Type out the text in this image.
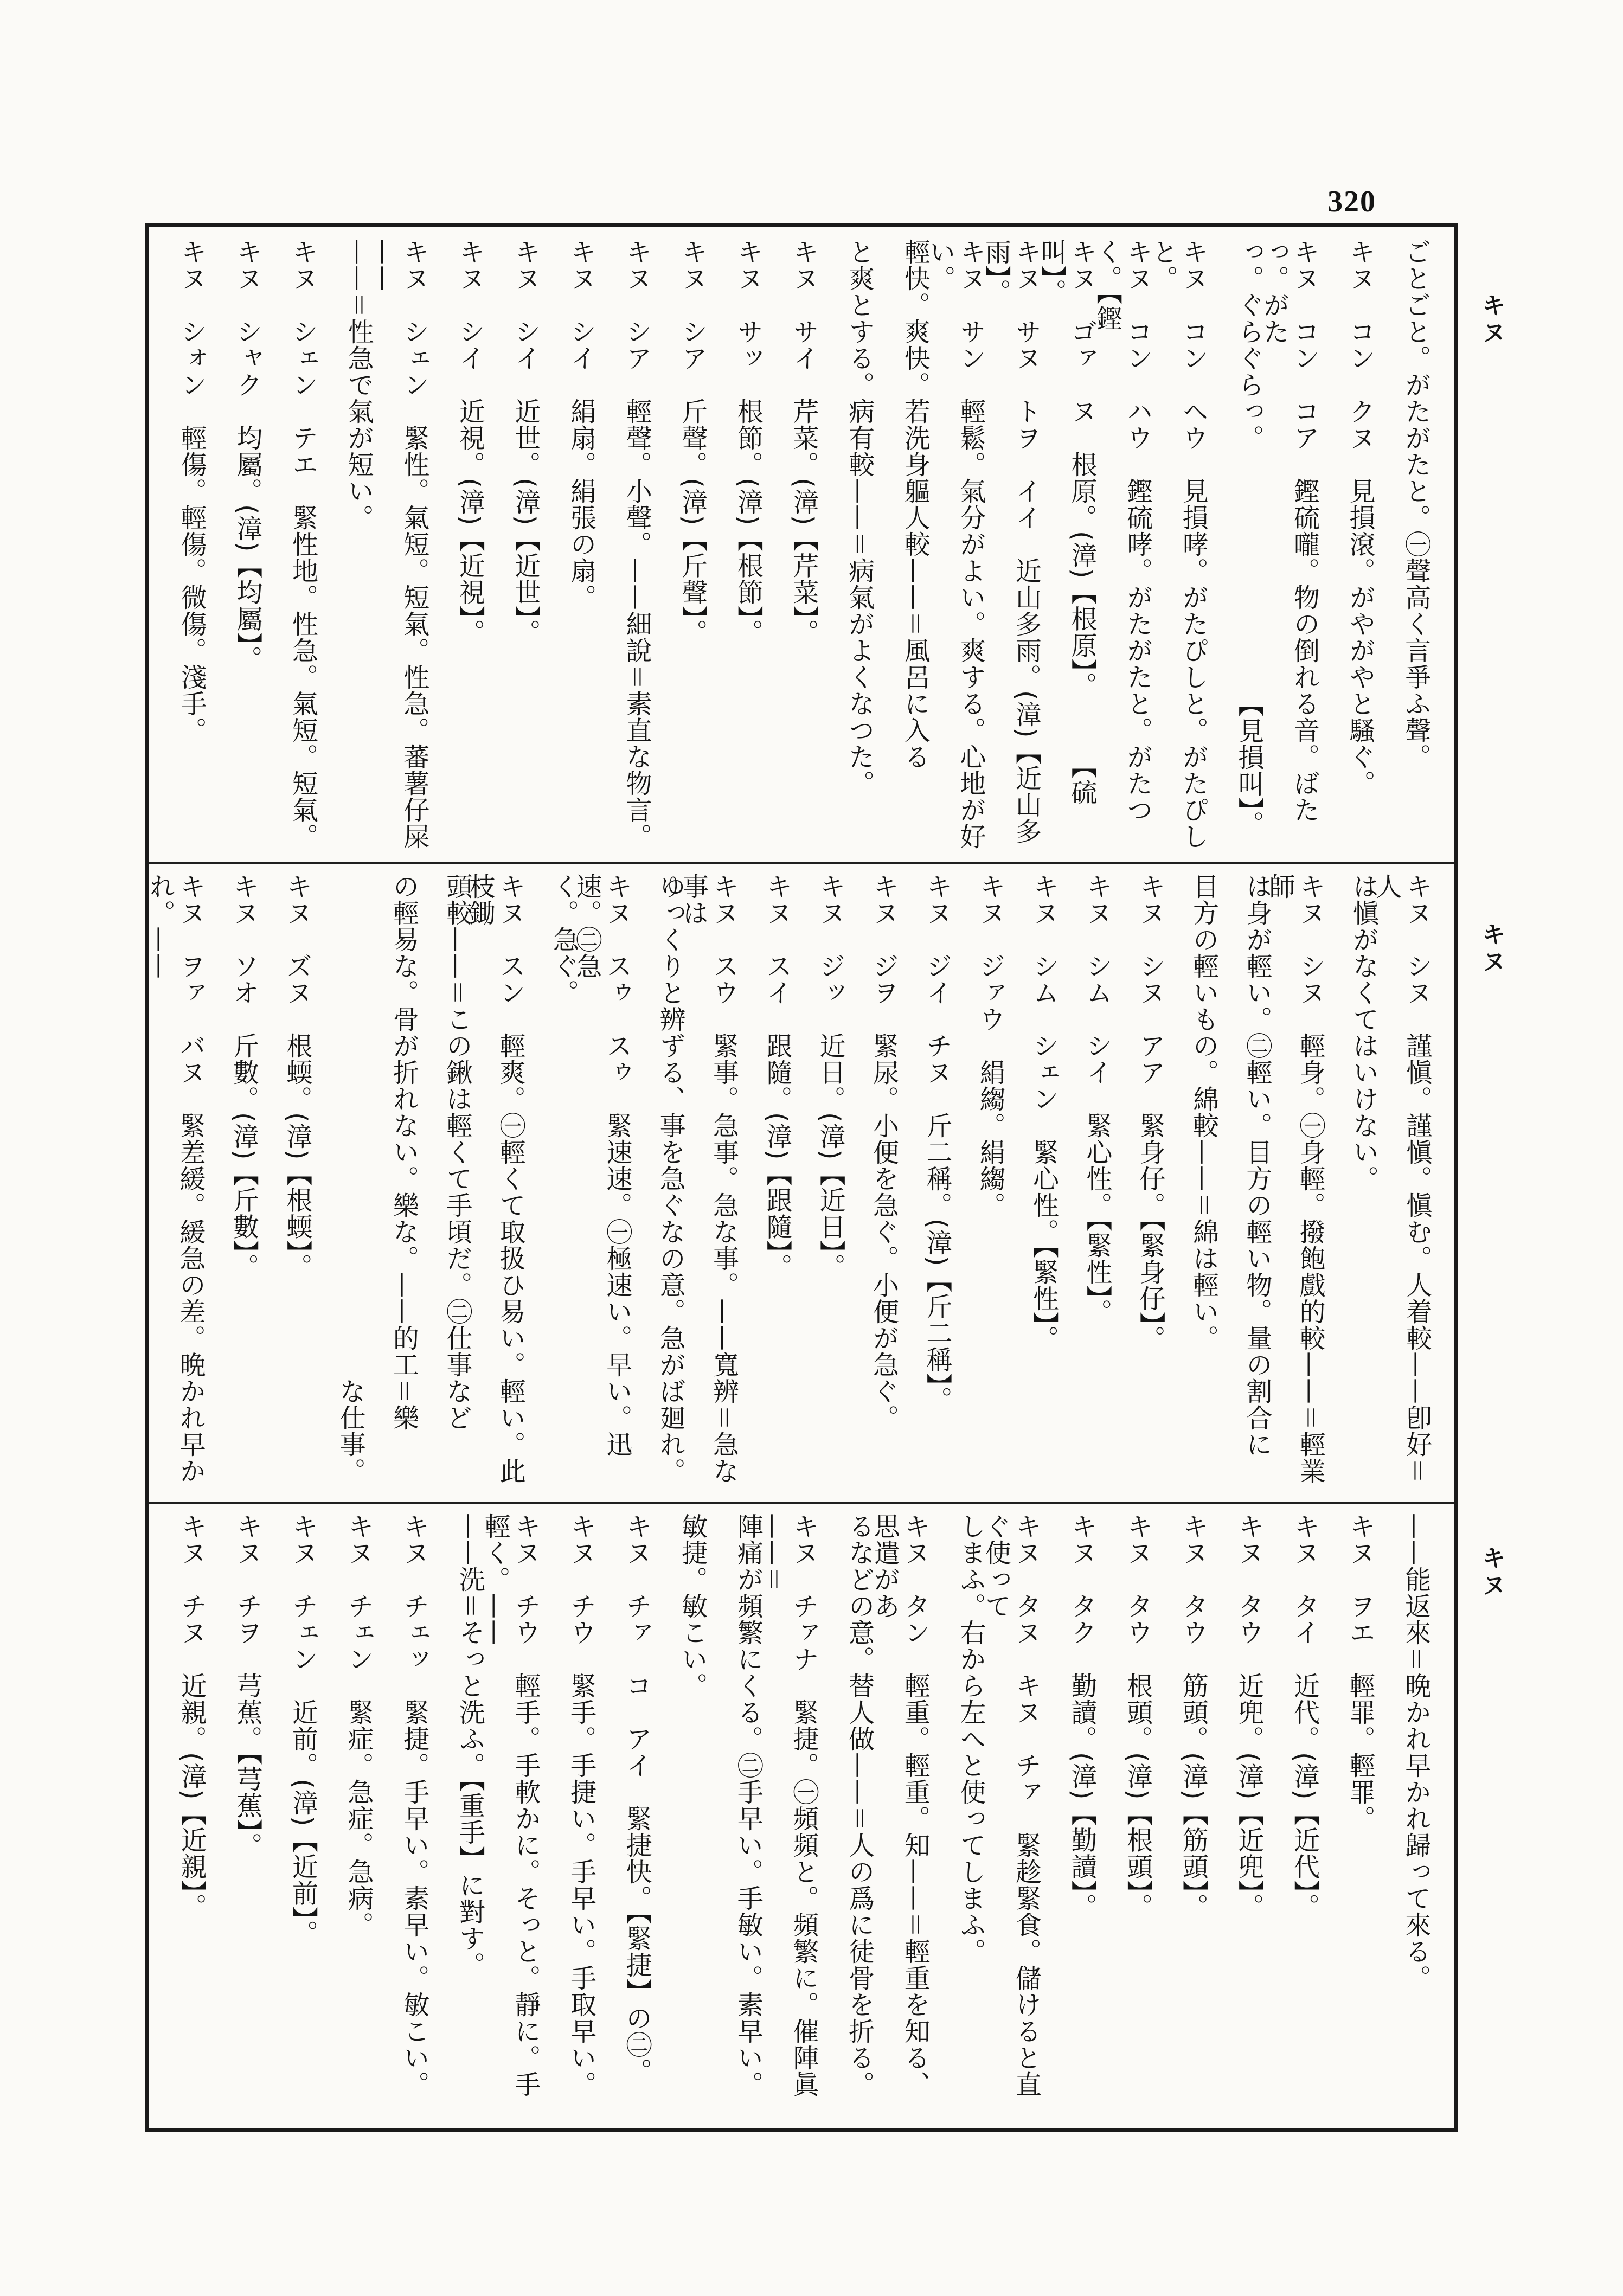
320
キヌ
キヌ
キヌ
ごとごと。がたがたと。㊀聲高く言爭ふ聲。
キヌ　コン　クヌ　見損滾。がやがやと騷ぐ。
キヌ　コン　コア　鏗硫嚨。物の倒れる音。ばたっ。がた
っ。ぐらぐらっ。　　　　　　　　　　【見損叫】。
キヌ　コン　ヘウ　見損哮。がたぴしと。がたぴしと。
キヌ　コン　ハウ　鏗硫哮。がたがたと。がたつく。【鏗
キヌ　ゴァ　ヌ　根原。(漳)【根原】。　　　【硫叫】。
キヌ　サヌ　トヲ　イイ　近山多雨。(漳)【近山多雨】。
キヌ　サン　輕鬆。氣分がよい。爽する。心地が好い。
輕快。爽快。若洗身軀人較——＝風呂に入る
と爽とする。病有較——＝病氣がよくなつた。
キヌ　サイ　芹菜。(漳)【芹菜】。
キヌ　サッ　根節。(漳)【根節】。
キヌ　シア　斤聲。(漳)【斤聲】。
キヌ　シア　輕聲。小聲。——細說＝素直な物言。
キヌ　シイ　絹扇。絹張の扇。
キヌ　シイ　近世。(漳)【近世】。
キヌ　シイ　近視。(漳)【近視】。
キヌ　シェン　緊性。氣短。短氣。性急。蕃薯仔屎——
——＝性急で氣が短い。
キヌ　シェン　テエ　緊性地。性急。氣短。短氣。
キヌ　シャク　均屬。(漳)【均屬】。
キヌ　シォン　輕傷。輕傷。微傷。淺手。
キヌ　シヌ　謹愼。謹愼。愼む。人着較——卽好＝人
は愼がなくてはいけない。
キヌ　シヌ　輕身。㊀身輕。撥飽戲的較——＝輕業師
は身が輕い。㊁輕い。目方の輕い物。量の割合に
目方の輕いもの。綿較——＝綿は輕い。
キヌ　シヌ　アア　緊身仔。【緊身仔】。
キヌ　シム　シイ　緊心性。【緊性】。
キヌ　シム　シェン　緊心性。【緊性】。
キヌ　ジァウ　絹縐。絹縐。
キヌ　ジイ　チヌ　斤二稱。(漳)【斤二稱】。
キヌ　ジヲ　緊尿。小便を急ぐ。小便が急ぐ。
キヌ　ジッ　近日。(漳)【近日】。
キヌ　スイ　跟隨。(漳)【跟隨】。
キヌ　スウ　緊事。急事。急な事。——寬辨＝急な事は
ゆっくりと辨ずる、事を急ぐなの意。急がば廻れ。
キヌ　スゥ　スゥ　緊速速。㊀極速い。早い。迅速。㊁急
く。急ぐ。
キヌ　スン　輕爽。㊀輕くて取扱ひ易い。輕い。此枝鋤
頭較——＝この鍬は輕くて手頃だ。㊁仕事など
の輕易な。骨が折れない。樂な。——的工＝樂
　　　　　　　　　　　　　　　　　　　な仕事。
キヌ　ズヌ　根蝡。(漳)【根蝡】。
キヌ　ソオ　斤數。(漳)【斤數】。
キヌ　ヲァ　バヌ　緊差緩。緩急の差。晩かれ早かれ。——
——能返來＝晩かれ早かれ歸って來る。
キヌ　ヲエ　輕罪。輕罪。
キヌ　タイ　近代。(漳)【近代】。
キヌ　タウ　近兜。(漳)【近兜】。
キヌ　タウ　筋頭。(漳)【筋頭】。
キヌ　タウ　根頭。(漳)【根頭】。
キヌ　タク　勤讀。(漳)【勤讀】。
キヌ　タヌ　キヌ　チァ　緊趁緊食。儲けると直ぐ使って
しまふ。右から左へと使ってしまふ。
キヌ　タン　輕重。輕重。知——＝輕重を知る、思遣があ
るなどの意。替人做——＝人の爲に徒骨を折る。
キヌ　チァナ　緊捷。㊀頻頻と。頻繁に。催陣眞——＝
陣痛が頻繁にくる。㊁手早い。手敏い。素早い。
敏捷。敏こい。
キヌ　チァ　コ　アイ　緊捷快。【緊捷】の㊁。
キヌ　チウ　緊手。手捷い。手早い。手取早い。
キヌ　チウ　輕手。手軟かに。そっと。靜に。手輕く。——
——洗＝そっと洗ふ。【重手】に對す。
キヌ　チェッ　緊捷。手早い。素早い。敏こい。
キヌ　チェン　緊症。急症。急病。
キヌ　チェン　近前。(漳)【近前】。
キヌ　チヲ　芎蕉。【芎蕉】。
キヌ　チヌ　近親。(漳)【近親】。
